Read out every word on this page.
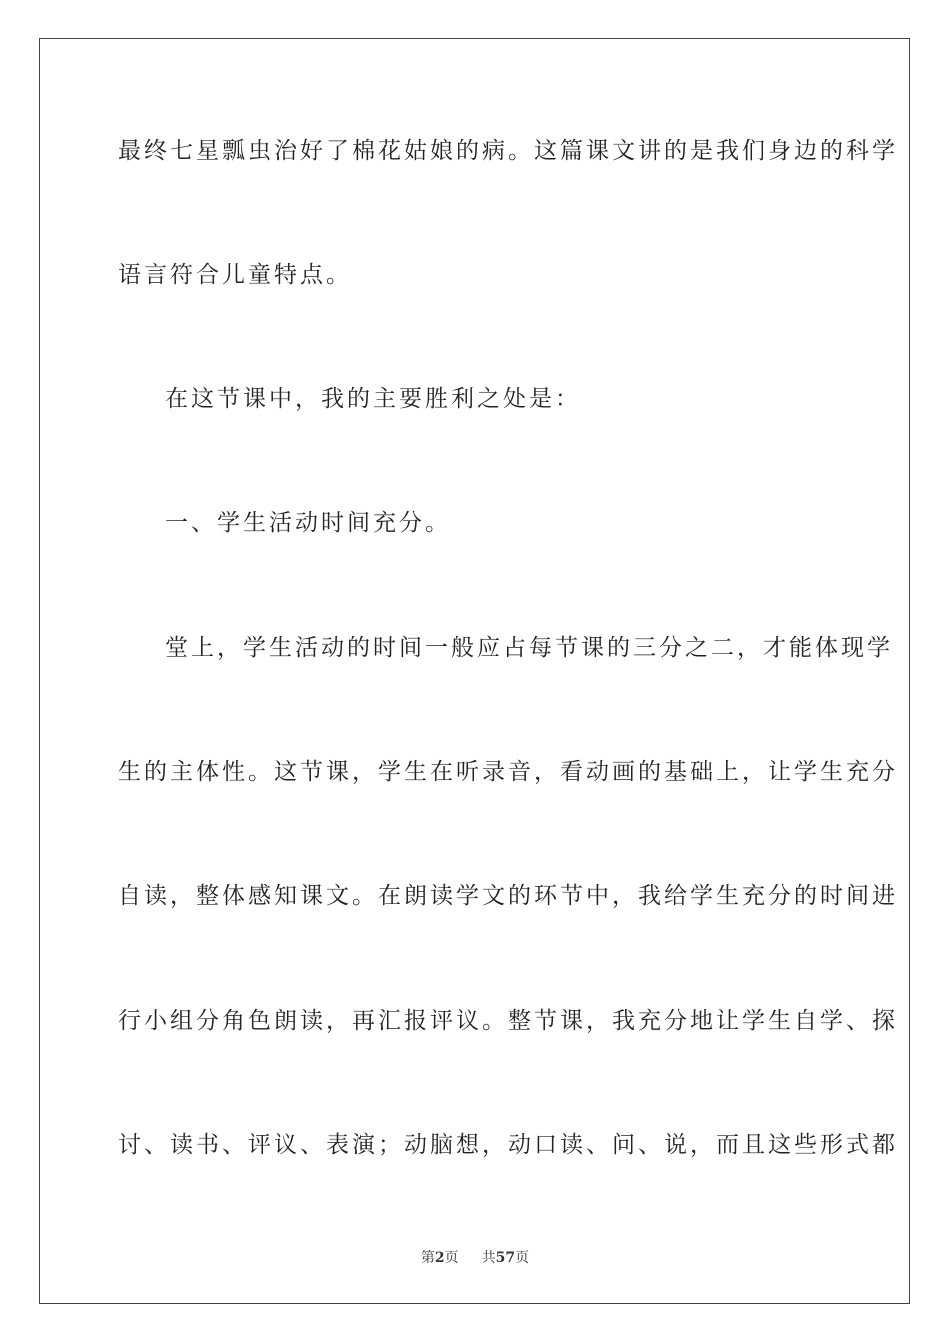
最终七星瓢虫治好了棉花姑娘的病。这篇课文讲的是我们身边的科学
语言符合儿童特点。
在这节课中，我的主要胜利之处是：
一、学生活动时间充分。
堂上，学生活动的时间一般应占每节课的三分之二，才能体现学
生的主体性。这节课，学生在听录音，看动画的基础上，让学生充分
自读，整体感知课文。在朗读学文的环节中，我给学生充分的时间进
行小组分角色朗读，再汇报评议。整节课，我充分地让学生自学、探
讨、读书、评议、表演；动脑想，动口读、问、说，而且这些形式都
第2页 共57页
